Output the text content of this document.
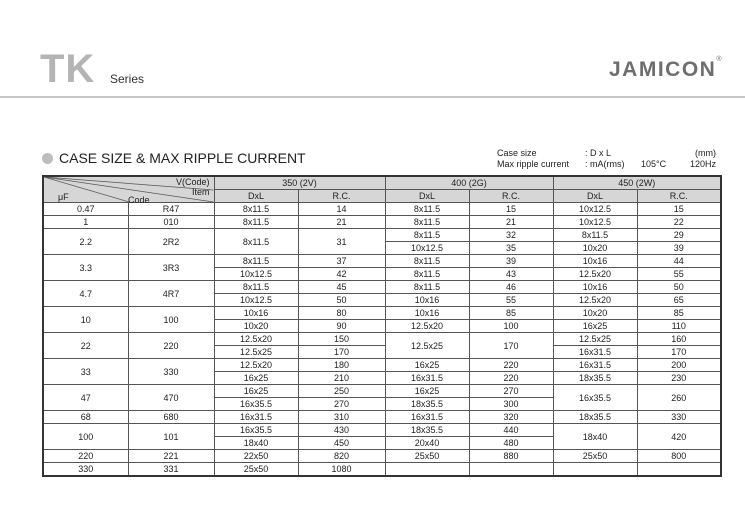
TK Series	JAMICON®
CASE SIZE & MAX RIPPLE CURRENT	Case size	: D x L	(mm)
Max ripple current : mA(rms) 105°C	120Hz
V(Code)
Item
μF Code		350 (2V)		400 (2G)		450 (2W)	
		DxL	R.C.	DxL	R.C.	DxL	R.C.
0.47	R47	8x11.5	14	8x11.5	15	10x12.5	15
1	010	8x11.5	21	8x11.5	21	10x12.5	22
2.2	2R2	8x11.5	31	8x11.5	32	8x11.5	29
				10x12.5	35	10x20	39
3.3	3R3	8x11.5	37	8x11.5	39	10x16	44
		10x12.5	42	8x11.5	43	12.5x20	55
4.7	4R7	8x11.5	45	8x11.5	46	10x16	50
		10x12.5	50	10x16	55	12.5x20	65
10	100	10x16	80	10x16	85	10x20	85
		10x20	90	12.5x20	100	16x25	110
22	220	12.5x20	150	12.5x25	170	12.5x25	160
		12.5x25	170			16x31.5	170
33	330	12.5x20	180	16x25	220	16x31.5	200
		16x25	210	16x31.5	220	18x35.5	230
47	470	16x25	250	16x25	270	16x35.5	260
		16x35.5	270	18x35.5	300		
68	680	16x31.5	310	16x31.5	320	18x35.5	330
100	101	16x35.5	430	18x35.5	440	18x40	420
		18x40	450	20x40	480		
220	221	22x50	820	25x50	880	25x50	800
330	331	25x50	1080				
